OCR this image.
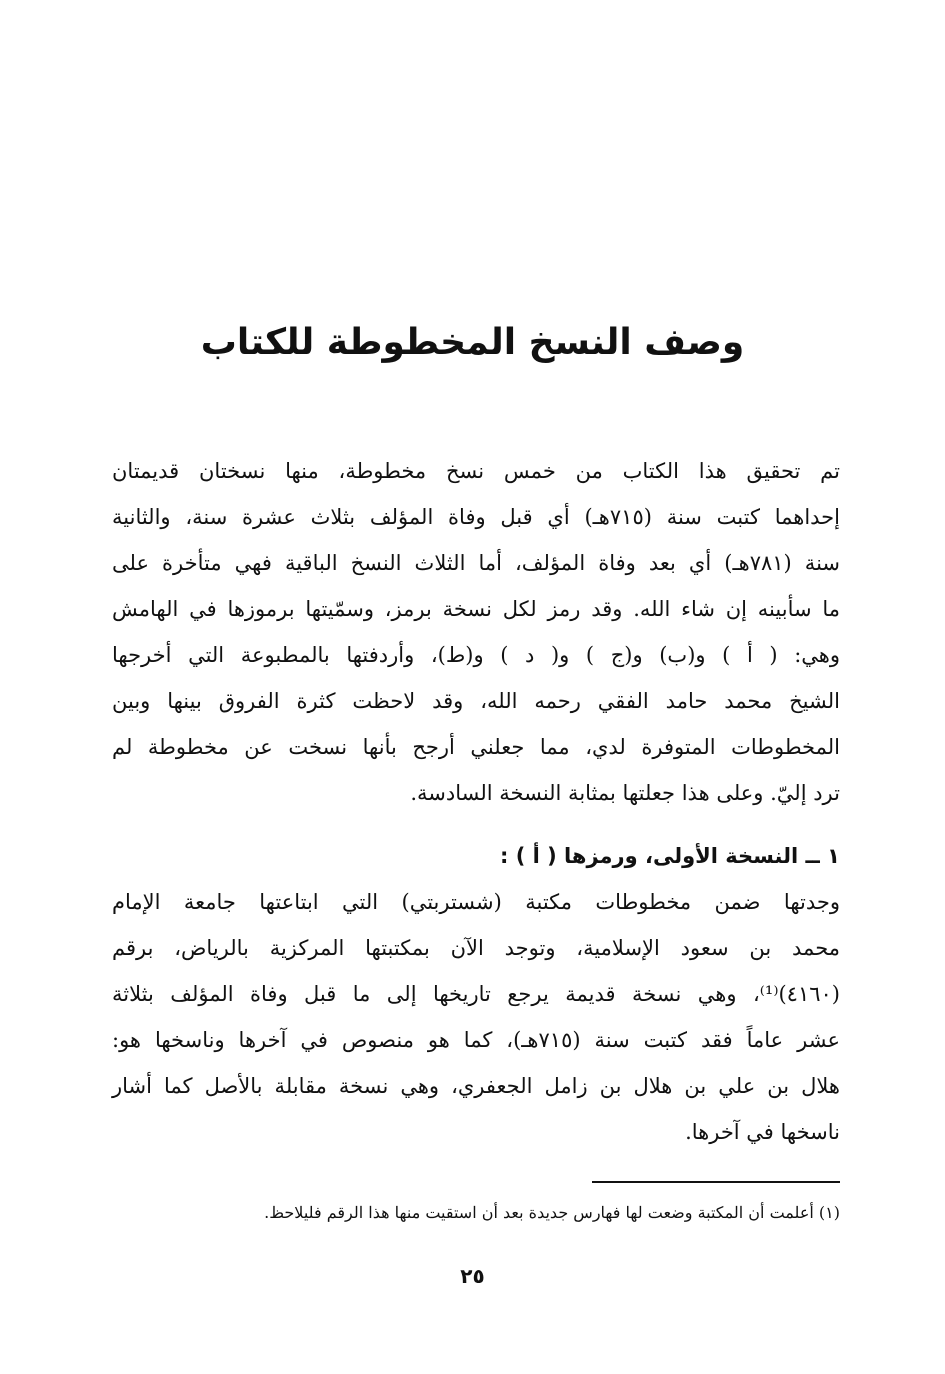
وصف النسخ المخطوطة للكتاب
تم تحقيق هذا الكتاب من خمس نسخ مخطوطة، منها نسختان قديمتان
إحداهما كتبت سنة (٧١٥هـ) أي قبل وفاة المؤلف بثلاث عشرة سنة، والثانية
سنة (٧٨١هـ) أي بعد وفاة المؤلف، أما الثلاث النسخ الباقية فهي متأخرة على
ما سأبينه إن شاء الله. وقد رمز لكل نسخة برمز، وسمّيتها برموزها في الهامش
وهي: ( أ ) و(ب) و(ج ) و( د ) و(ط)، وأردفتها بالمطبوعة التي أخرجها
الشيخ محمد حامد الفقي رحمه الله، وقد لاحظت كثرة الفروق بينها وبين
المخطوطات المتوفرة لدي، مما جعلني أرجح بأنها نسخت عن مخطوطة لم
ترد إليّ. وعلى هذا جعلتها بمثابة النسخة السادسة.
١ ــ النسخة الأولى، ورمزها ( أ ) :
وجدتها ضمن مخطوطات مكتبة (شستربتي) التي ابتاعتها جامعة الإمام
محمد بن سعود الإسلامية، وتوجد الآن بمكتبتها المركزية بالرياض، برقم
(٤١٦٠)⁽¹⁾، وهي نسخة قديمة يرجع تاريخها إلى ما قبل وفاة المؤلف بثلاثة
عشر عاماً فقد كتبت سنة (٧١٥هـ)، كما هو منصوص في آخرها وناسخها هو:
هلال بن علي بن هلال بن زامل الجعفري، وهي نسخة مقابلة بالأصل كما أشار
ناسخها في آخرها.
(١) أعلمت أن المكتبة وضعت لها فهارس جديدة بعد أن استقيت منها هذا الرقم فليلاحظ.
٢٥
